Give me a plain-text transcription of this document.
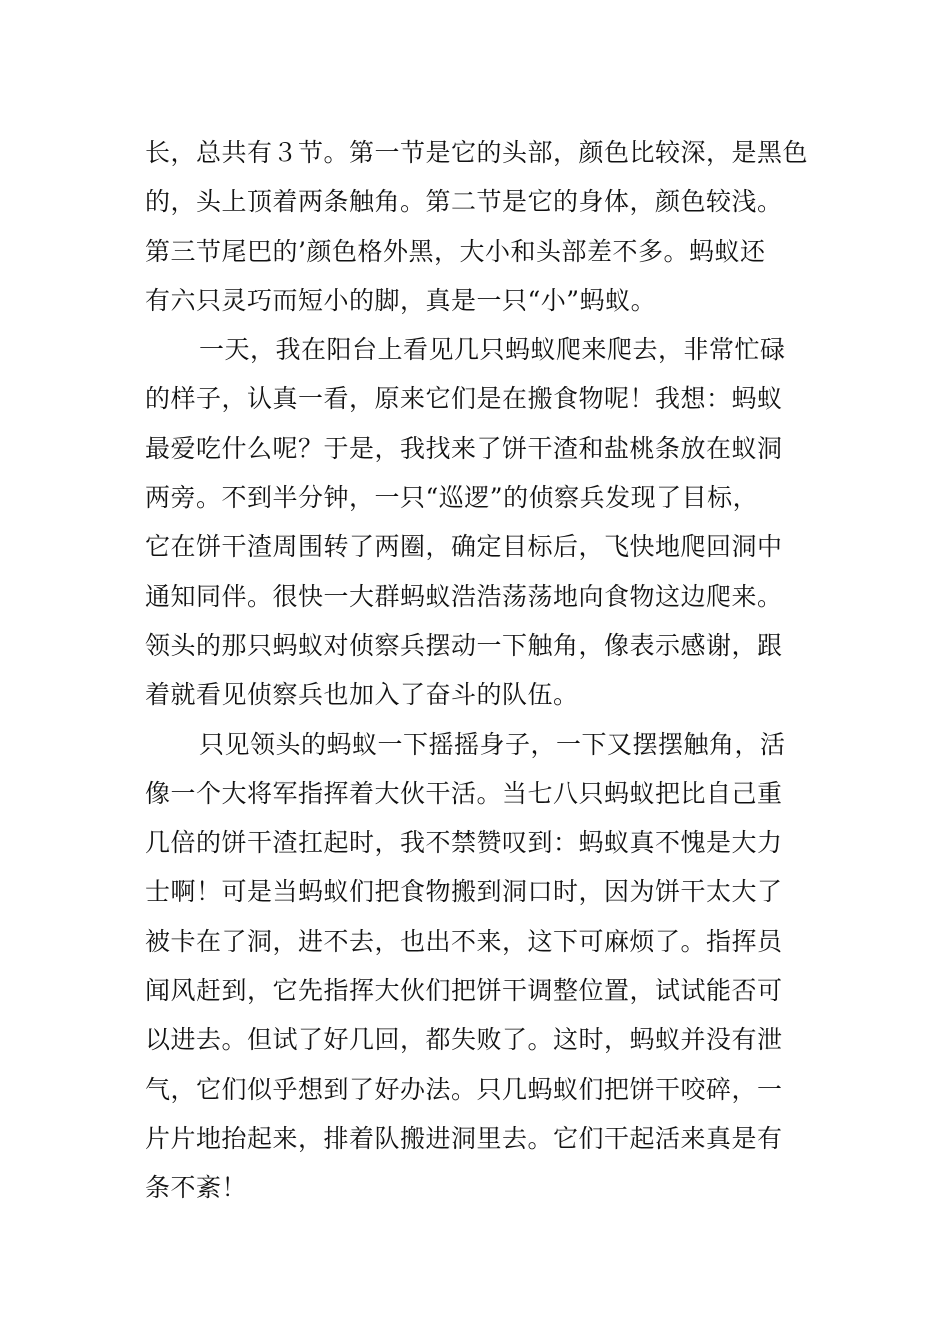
长，总共有３节。第一节是它的头部，颜色比较深，是黑色
的，头上顶着两条触角。第二节是它的身体，颜色较浅。
第三节尾巴的’颜色格外黑，大小和头部差不多。蚂蚁还
有六只灵巧而短小的脚，真是一只“小”蚂蚁。
一天，我在阳台上看见几只蚂蚁爬来爬去，非常忙碌
的样子，认真一看，原来它们是在搬食物呢！我想：蚂蚁
最爱吃什么呢？于是，我找来了饼干渣和盐桃条放在蚁洞
两旁。不到半分钟，一只“巡逻”的侦察兵发现了目标，
它在饼干渣周围转了两圈，确定目标后，飞快地爬回洞中
通知同伴。很快一大群蚂蚁浩浩荡荡地向食物这边爬来。
领头的那只蚂蚁对侦察兵摆动一下触角，像表示感谢，跟
着就看见侦察兵也加入了奋斗的队伍。
只见领头的蚂蚁一下摇摇身子，一下又摆摆触角，活
像一个大将军指挥着大伙干活。当七八只蚂蚁把比自己重
几倍的饼干渣扛起时，我不禁赞叹到：蚂蚁真不愧是大力
士啊！可是当蚂蚁们把食物搬到洞口时，因为饼干太大了
被卡在了洞，进不去，也出不来，这下可麻烦了。指挥员
闻风赶到，它先指挥大伙们把饼干调整位置，试试能否可
以进去。但试了好几回，都失败了。这时，蚂蚁并没有泄
气，它们似乎想到了好办法。只几蚂蚁们把饼干咬碎，一
片片地抬起来，排着队搬进洞里去。它们干起活来真是有
条不紊！
